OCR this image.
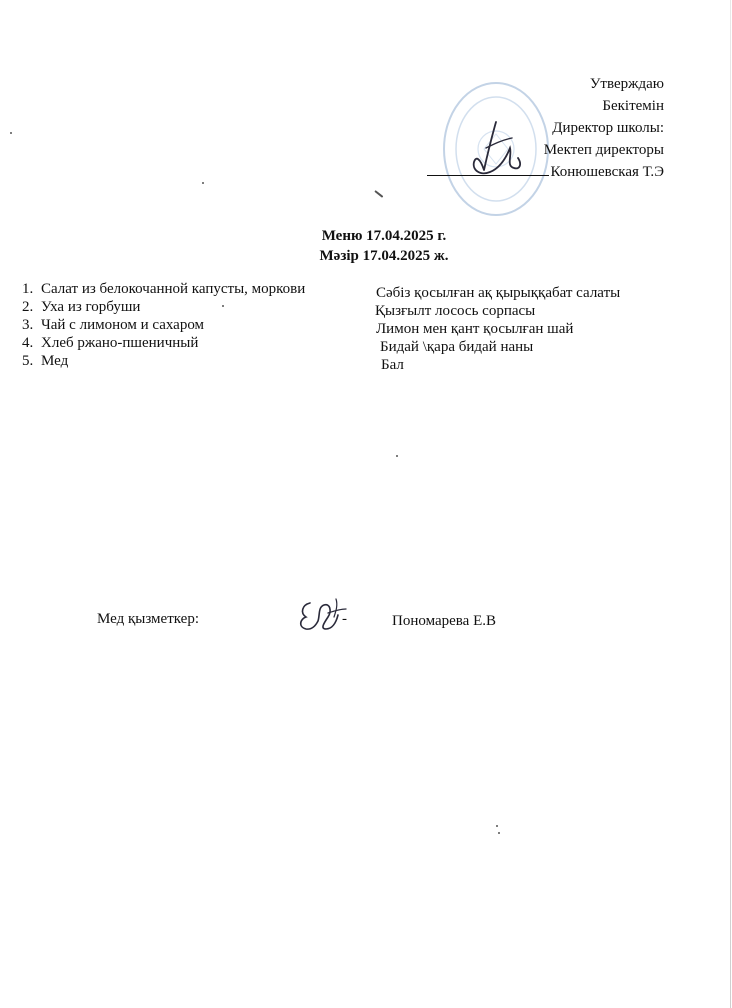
Утверждаю
Бекітемін
Директор школы:
Мектеп директоры
Конюшевская Т.Э
Меню 17.04.2025 г.
Мәзір 17.04.2025 ж.
1. Салат из белокочанной капусты, моркови
2. Уха из горбуши
3. Чай с лимоном и сахаром
4. Хлеб ржано-пшеничный
5. Мед
Сәбіз қосылған ақ қырыққабат салаты
Қызғылт лосось сорпасы
Лимон мен қант қосылған шай
Бидай \қара бидай наны
Бал
Мед қызметкер:	-	Пономарева Е.В
